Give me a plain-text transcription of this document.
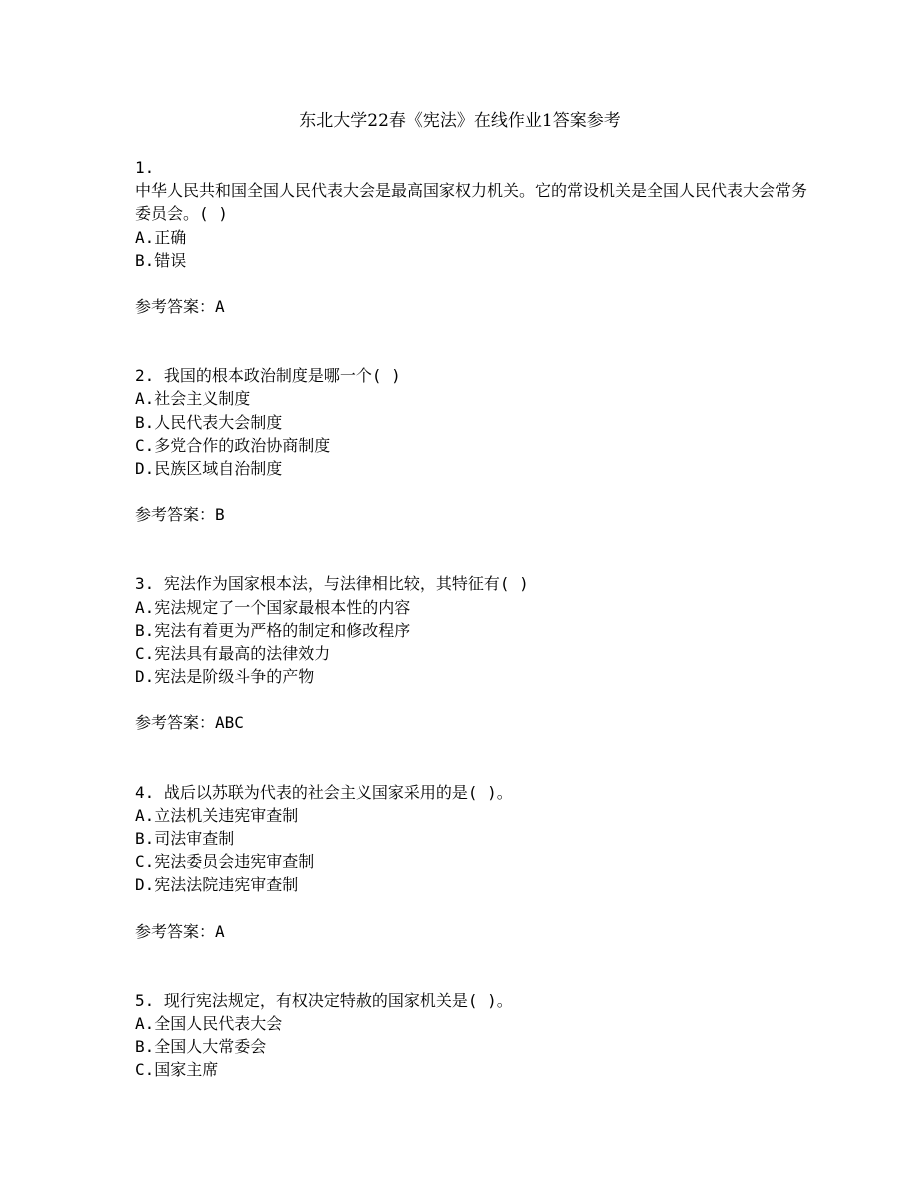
东北大学22春《宪法》在线作业1答案参考
1.
中华人民共和国全国人民代表大会是最高国家权力机关。它的常设机关是全国人民代表大会常务委员会。( )
A.正确
B.错误
参考答案：A
2. 我国的根本政治制度是哪一个( )
A.社会主义制度
B.人民代表大会制度
C.多党合作的政治协商制度
D.民族区域自治制度
参考答案：B
3. 宪法作为国家根本法，与法律相比较，其特征有( )
A.宪法规定了一个国家最根本性的内容
B.宪法有着更为严格的制定和修改程序
C.宪法具有最高的法律效力
D.宪法是阶级斗争的产物
参考答案：ABC
4. 战后以苏联为代表的社会主义国家采用的是( )。
A.立法机关违宪审查制
B.司法审查制
C.宪法委员会违宪审查制
D.宪法法院违宪审查制
参考答案：A
5. 现行宪法规定，有权决定特赦的国家机关是( )。
A.全国人民代表大会
B.全国人大常委会
C.国家主席
